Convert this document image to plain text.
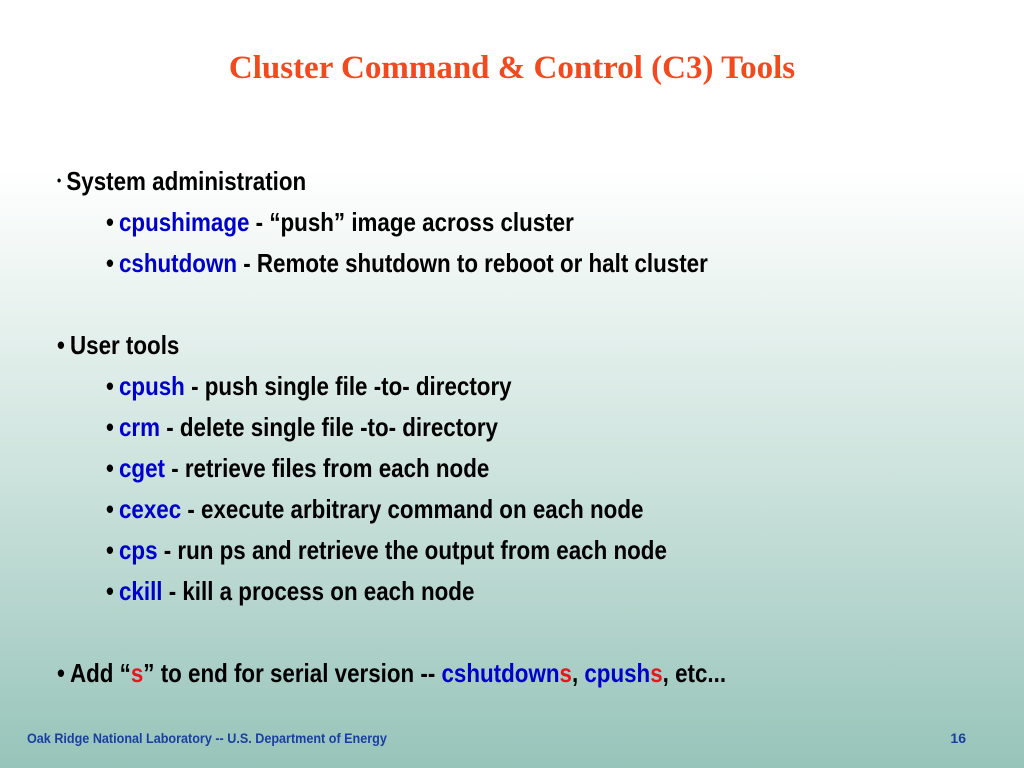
Cluster Command & Control (C3) Tools
• System administration
• cpushimage - “push” image across cluster
• cshutdown - Remote shutdown to reboot or halt cluster
• User tools
• cpush - push single file -to- directory
• crm - delete single file -to- directory
• cget - retrieve files from each node
• cexec - execute arbitrary command on each node
• cps - run ps and retrieve the output from each node
• ckill - kill a process on each node
• Add “s” to end for serial version -- cshutdowns, cpushs, etc...
Oak Ridge National Laboratory -- U.S. Department of Energy	16
